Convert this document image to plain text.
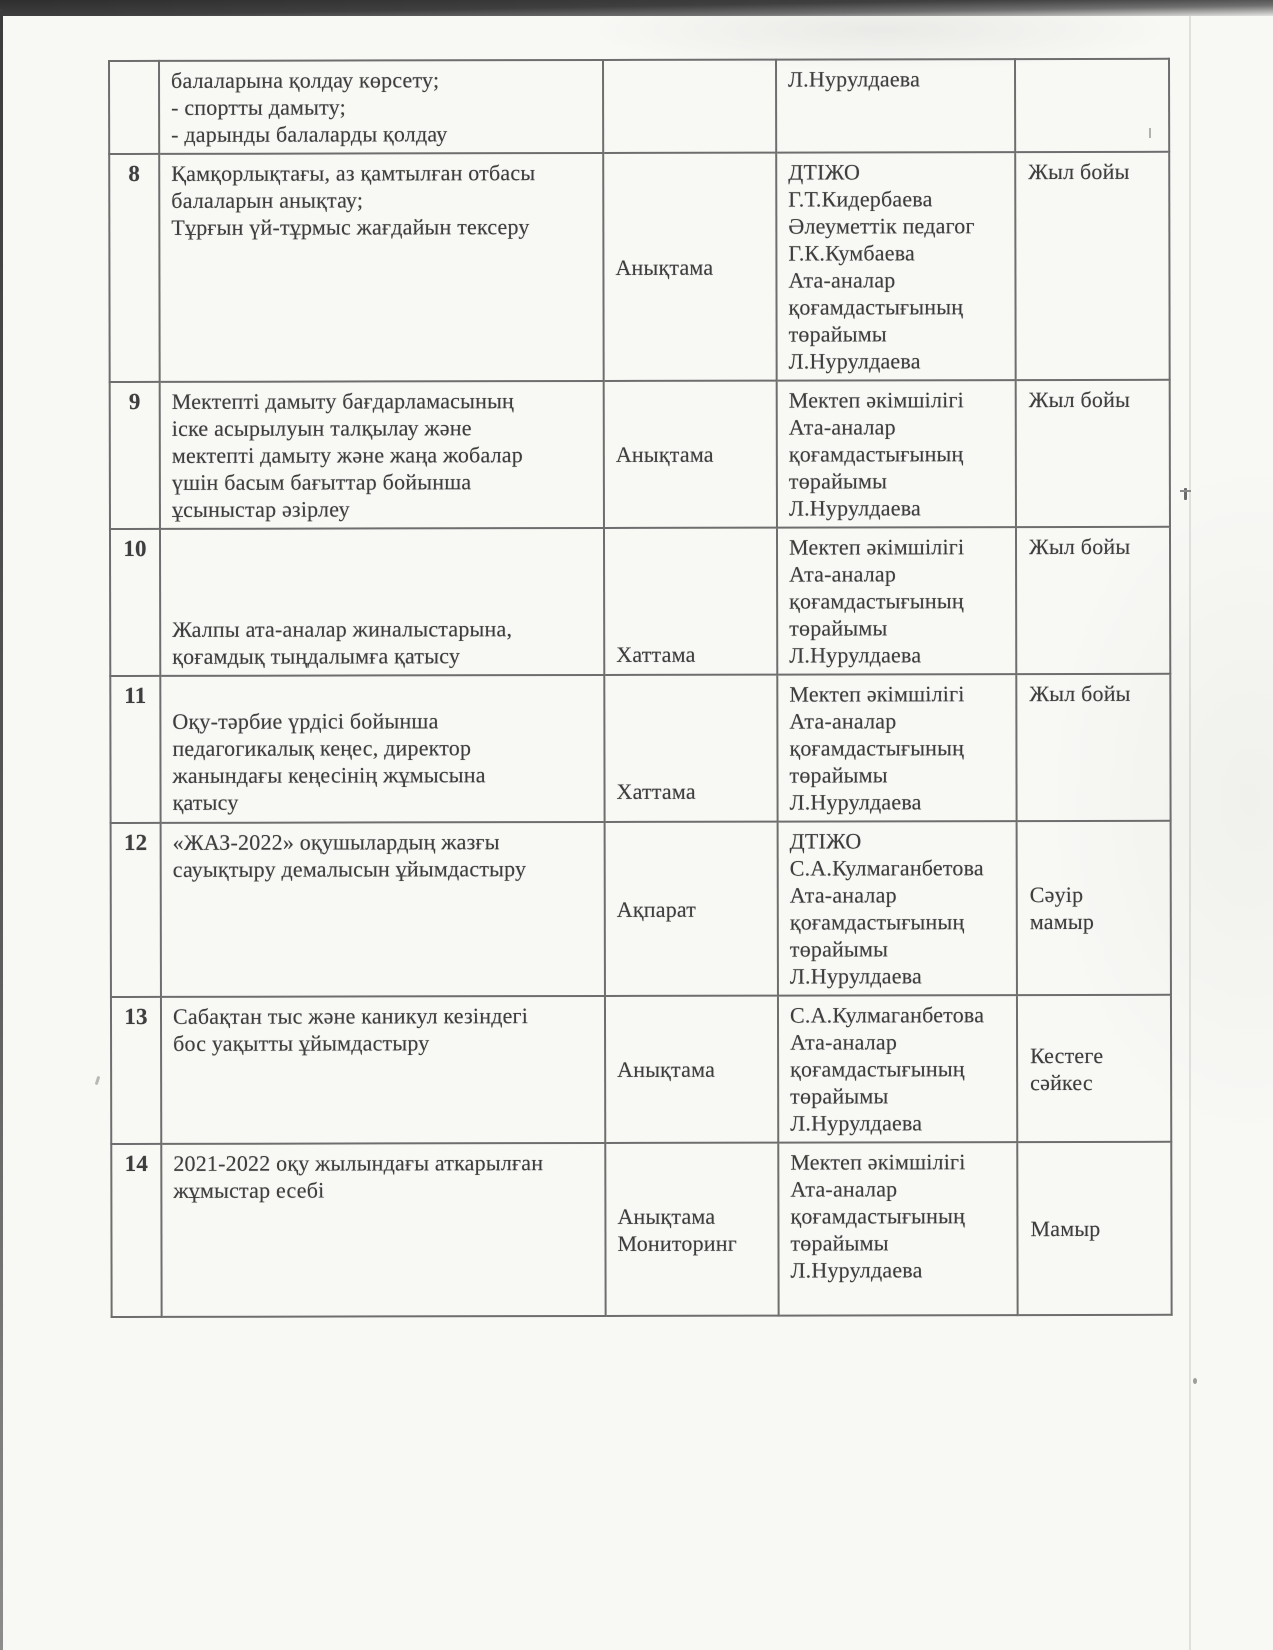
	балаларына қолдау көрсету;
- спортты дамыту;
- дарынды балаларды қолдау		Л.Нурулдаева	
8	Қамқорлықтағы, аз қамтылған отбасы
балаларын анықтау;
Тұрғын үй-тұрмыс жағдайын тексеру	Анықтама	ДТІЖО
Г.Т.Кидербаева
Әлеуметтік педагог
Г.К.Кумбаева
Ата-аналар
қоғамдастығының
төрайымы
Л.Нурулдаева	Жыл бойы
9	Мектепті дамыту бағдарламасының
іске асырылуын талқылау және
мектепті дамыту және жаңа жобалар
үшін басым бағыттар бойынша
ұсыныстар әзірлеу	Анықтама	Мектеп әкімшілігі
Ата-аналар
қоғамдастығының
төрайымы
Л.Нурулдаева	Жыл бойы
10	Жалпы ата-аналар жиналыстарына,
қоғамдық тыңдалымға қатысу	Хаттама	Мектеп әкімшілігі
Ата-аналар
қоғамдастығының
төрайымы
Л.Нурулдаева	Жыл бойы
11	Оқу-тәрбие үрдісі бойынша
педагогикалық кеңес, директор
жанындағы кеңесінің жұмысына
қатысу	Хаттама	Мектеп әкімшілігі
Ата-аналар
қоғамдастығының
төрайымы
Л.Нурулдаева	Жыл бойы
12	«ЖАЗ-2022» оқушылардың жазғы
сауықтыру демалысын ұйымдастыру	Ақпарат	ДТІЖО
С.А.Кулмаганбетова
Ата-аналар
қоғамдастығының
төрайымы
Л.Нурулдаева	Сәуір
мамыр
13	Сабақтан тыс және каникул кезіндегі
бос уақытты ұйымдастыру	Анықтама	С.А.Кулмаганбетова
Ата-аналар
қоғамдастығының
төрайымы
Л.Нурулдаева	Кестеге
сәйкес
14	2021-2022 оқу жылындағы аткарылған
жұмыстар есебі	Анықтама
Мониторинг	Мектеп әкімшілігі
Ата-аналар
қоғамдастығының
төрайымы
Л.Нурулдаева	Мамыр
